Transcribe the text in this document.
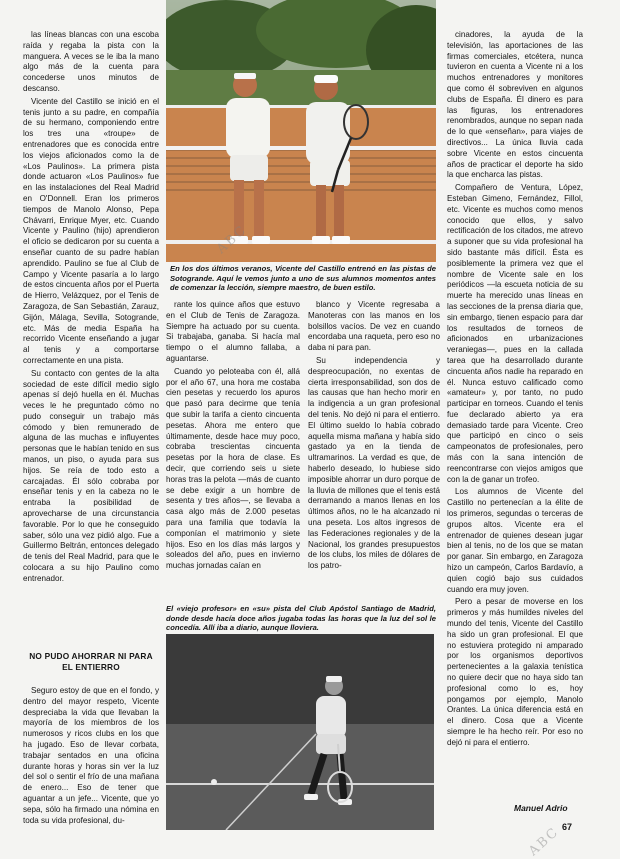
En los dos últimos veranos, Vicente del Castillo entrenó en las pistas de Sotogrande. Aquí le vemos junto a uno de sus alumnos momentos antes de comenzar la lección, siempre maestro, de buen estilo.

las líneas blancas con una escoba raída y regaba la pista con la manguera. A veces se le iba la mano algo más de la cuenta para concederse unos minutos de descanso.

Vicente del Castillo se inició en el tenis junto a su padre, en compañía de su hermano, componiendo entre los tres una «troupe» de entrenadores que es conocida entre los viejos aficionados como la de «Los Paulinos». La primera pista donde actuaron «Los Paulinos» fue en las instalaciones del Real Madrid en O'Donnell. Eran los primeros tiempos de Manolo Alonso, Pepa Chávarri, Enrique Myer, etc. Cuando Vicente y Paulino (hijo) aprendieron el oficio se dedicaron por su cuenta a enseñar cuanto de su padre habían aprendido. Paulino se fue al Club de Campo y Vicente pasaría a lo largo de estos cincuenta años por el Puerta de Hierro, Velázquez, por el Tenis de Zaragoza, de San Sebastián, Zarauz, Gijón, Málaga, Sevilla, Sotogrande, etc. Más de media España ha recorrido Vicente enseñando a jugar al tenis y a comportarse correctamente en una pista.

Su contacto con gentes de la alta sociedad de este difícil medio siglo apenas sí dejó huella en él. Muchas veces le he preguntado cómo no pudo conseguir un trabajo más cómodo y bien remunerado de alguna de las muchas e influyentes personas que le habían tenido en sus manos, un piso, o ayuda para sus hijos. Se reía de todo esto a carcajadas. Él sólo cobraba por enseñar tenis y en la cabeza no le entraba la posibilidad de aprovecharse de una circunstancia favorable. Por lo que he conseguido saber, sólo una vez pidió algo. Fue a Guillermo Beltrán, entonces delegado de tenis del Real Madrid, para que le colocara a su hijo Paulino como entrenador.

NO PUDO AHORRAR NI PARA EL ENTIERRO

Seguro estoy de que en el fondo, y dentro del mayor respeto, Vicente despreciaba la vida que llevaban la mayoría de los miembros de los numerosos y ricos clubs en los que ha jugado. Eso de llevar corbata, trabajar sentados en una oficina durante horas y horas sin ver la luz del sol o sentir el frío de una mañana de enero... Eso de tener que aguantar a un jefe... Vicente, que yo sepa, sólo ha firmado una nómina en toda su vida profesional, du-

rante los quince años que estuvo en el Club de Tenis de Zaragoza. Siempre ha actuado por su cuenta. Si trabajaba, ganaba. Si hacía mal tiempo o el alumno fallaba, a aguantarse.

Cuando yo peloteaba con él, allá por el año 67, una hora me costaba cien pesetas y recuerdo los apuros que pasó para decirme que tenía que subir la tarifa a ciento cincuenta pesetas. Ahora me entero que últimamente, desde hace muy poco, cobraba trescientas cincuenta pesetas por la hora de clase. Es decir, que corriendo seis u siete horas tras la pelota —más de cuanto se debe exigir a un hombre de sesenta y tres años—, se llevaba a casa algo más de 2.000 pesetas para una familia que todavía la componían el matrimonio y siete hijos. Eso en los días más largos y soleados del año, pues en invierno muchas jornadas caían en

blanco y Vicente regresaba a Manoteras con las manos en los bolsillos vacíos. De vez en cuando encordaba una raqueta, pero eso no daba ni para pan.

Su independencia y despreocupación, no exentas de cierta irresponsabilidad, son dos de las causas que han hecho morir en la indigencia a un gran profesional del tenis. No dejó ni para el entierro. El último sueldo lo había cobrado aquella misma mañana y había sido gastado ya en la tienda de ultramarinos. La verdad es que, de haberlo deseado, lo hubiese sido imposible ahorrar un duro porque de la lluvia de millones que el tenis está derramando a manos llenas en los últimos años, no le ha alcanzado ni una peseta. Los altos ingresos de las Federaciones regionales y de la Nacional, los grandes presupuestos de los clubs, los miles de dólares de los patro-

El «viejo profesor» en «su» pista del Club Apóstol Santiago de Madrid, donde desde hacía doce años jugaba todas las horas que la luz del sol le concedía. Allí iba a diario, aunque lloviera.

cinadores, la ayuda de la televisión, las aportaciones de las firmas comerciales, etcétera, nunca tuvieron en cuenta a Vicente ni a los muchos entrenadores y monitores que como él sobreviven en algunos clubs de España. Él dinero es para las figuras, los entrenadores renombrados, aunque no sepan nada de lo que «enseñan», para viajes de directivos... La única lluvia cada sobre Vicente en estos cincuenta años de practicar el deporte ha sido la que encharca las pistas.

Compañero de Ventura, López, Esteban Gimeno, Fernández, Fillol, etc. Vicente es muchos como menos conocido que ellos, y salvo rectificación de los citados, me atrevo a suponer que su vida profesional ha sido bastante más difícil. Ésta es posiblemente la primera vez que el nombre de Vicente sale en los periódicos —la escueta noticia de su muerte ha merecido unas líneas en las secciones de la prensa diaria que, sin embargo, tienen espacio para dar los resultados de torneos de aficionados en urbanizaciones veraniegas—, pues en la callada tarea que ha desarrollado durante cincuenta años nadie ha reparado en él. Nunca estuvo calificado como «amateur» y, por tanto, no pudo participar en torneos. Cuando el tenis fue declarado abierto ya era demasiado tarde para Vicente. Creo que participó en cinco o seis campeonatos de profesionales, pero más con la sana intención de reencontrarse con viejos amigos que con la de ganar un trofeo.

Los alumnos de Vicente del Castillo no pertenecían a la élite de los primeros, segundas o terceras de grupos altos. Vicente era el entrenador de quienes desean jugar bien al tenis, no de los que se matan por ganar. Sin embargo, en Zaragoza hizo un campeón, Carlos Bardavío, a quien cogió bajo sus cuidados cuando era muy joven.

Pero a pesar de moverse en los primeros y más humildes niveles del mundo del tenis, Vicente del Castillo ha sido un gran profesional. El que no estuviera protegido ni amparado por los organismos deportivos pertenecientes a la galaxia tenística no quiere decir que no haya sido tan profesional como lo es, hoy pongamos por ejemplo, Manolo Orantes. La única diferencia está en el dinero. Cosa que a Vicente siempre le ha hecho reír. Por eso no dejó ni para el entierro.

Manuel Adrio
67
ABC
ABC
